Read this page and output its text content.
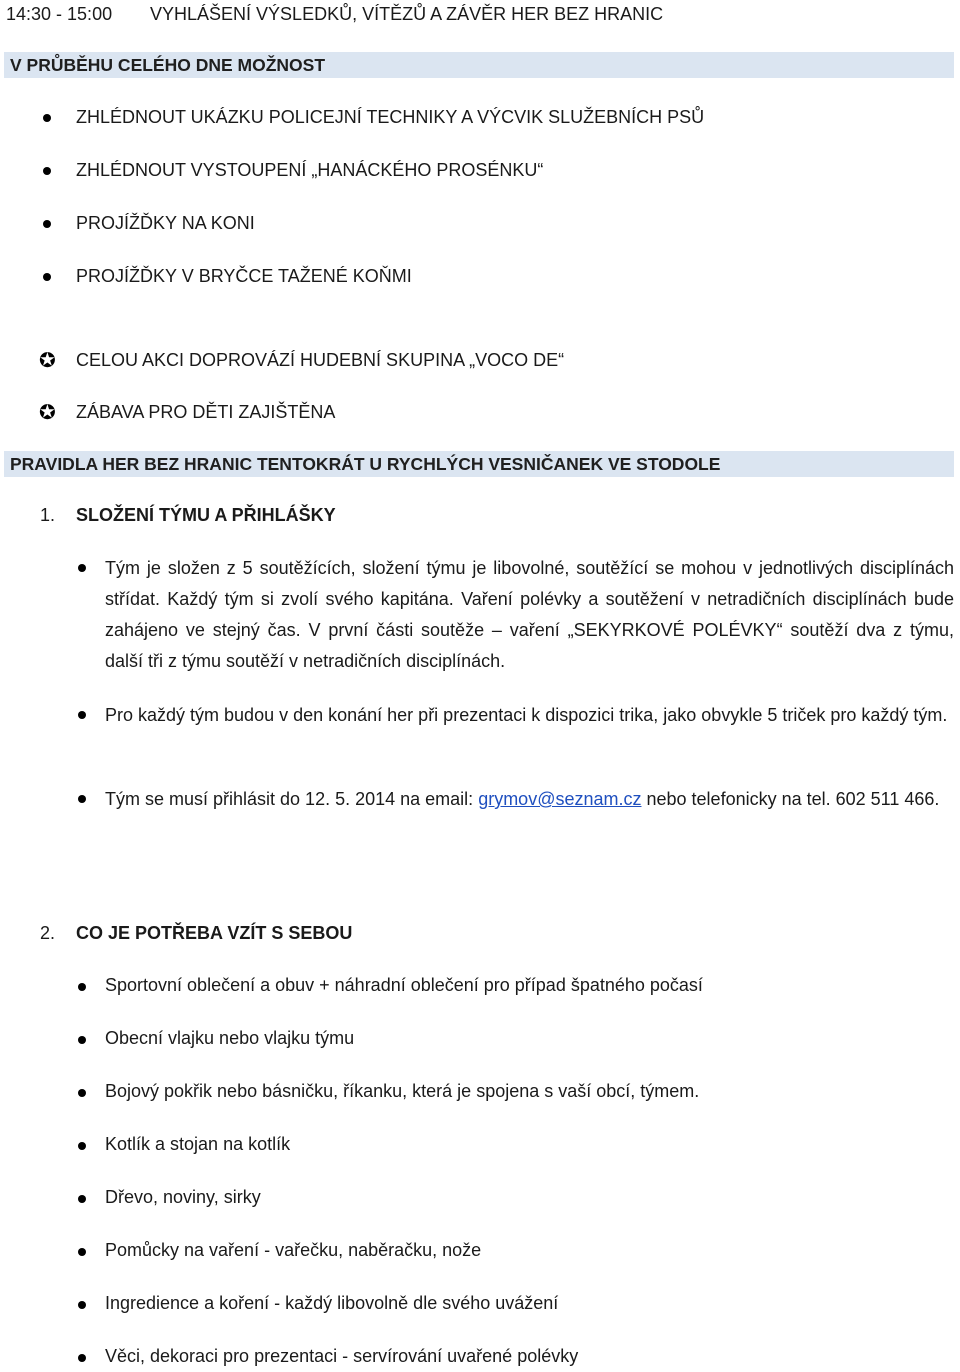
14:30 - 15:00 VYHLÁŠENÍ VÝSLEDKŮ, VÍTĚZŮ A ZÁVĚR HER BEZ HRANIC
V PRŮBĚHU CELÉHO DNE MOŽNOST
ZHLÉDNOUT UKÁZKU POLICEJNÍ TECHNIKY A VÝCVIK SLUŽEBNÍCH PSŮ
ZHLÉDNOUT VYSTOUPENÍ „HANÁCKÉHO PROSÉNKU“
PROJÍŽĎKY NA KONI
PROJÍŽĎKY V BRYČCE TAŽENÉ KOŇMI
✪ CELOU AKCI DOPROVÁZÍ HUDEBNÍ SKUPINA „VOCO DE“
✪ ZÁBAVA PRO DĚTI ZAJIŠTĚNA
PRAVIDLA HER BEZ HRANIC TENTOKRÁT U RYCHLÝCH VESNIČANEK VE STODOLE
1. SLOŽENÍ TÝMU A PŘIHLÁŠKY
Tým je složen z 5 soutěžících, složení týmu je libovolné, soutěžící se mohou v jednotlivých disciplínách střídat. Každý tým si zvolí svého kapitána. Vaření polévky a soutěžení v netradičních disciplínách bude zahájeno ve stejný čas. V první části soutěže – vaření „SEKYRKOVÉ POLÉVKY“ soutěží dva z týmu, další tři z týmu soutěží v netradičních disciplínách.
Pro každý tým budou v den konání her při prezentaci k dispozici trika, jako obvykle 5 triček pro každý tým.
Tým se musí přihlásit do 12. 5. 2014 na email: grymov@seznam.cz nebo telefonicky na tel. 602 511 466.
2. CO JE POTŘEBA VZÍT S SEBOU
Sportovní oblečení a obuv + náhradní oblečení pro případ špatného počasí
Obecní vlajku nebo vlajku týmu
Bojový pokřik nebo básničku, říkanku, která je spojena s vaší obcí, týmem.
Kotlík a stojan na kotlík
Dřevo, noviny, sirky
Pomůcky na vaření - vařečku, naběračku, nože
Ingredience a koření - každý libovolně dle svého uvážení
Věci, dekoraci pro prezentaci - servírování uvařené polévky
